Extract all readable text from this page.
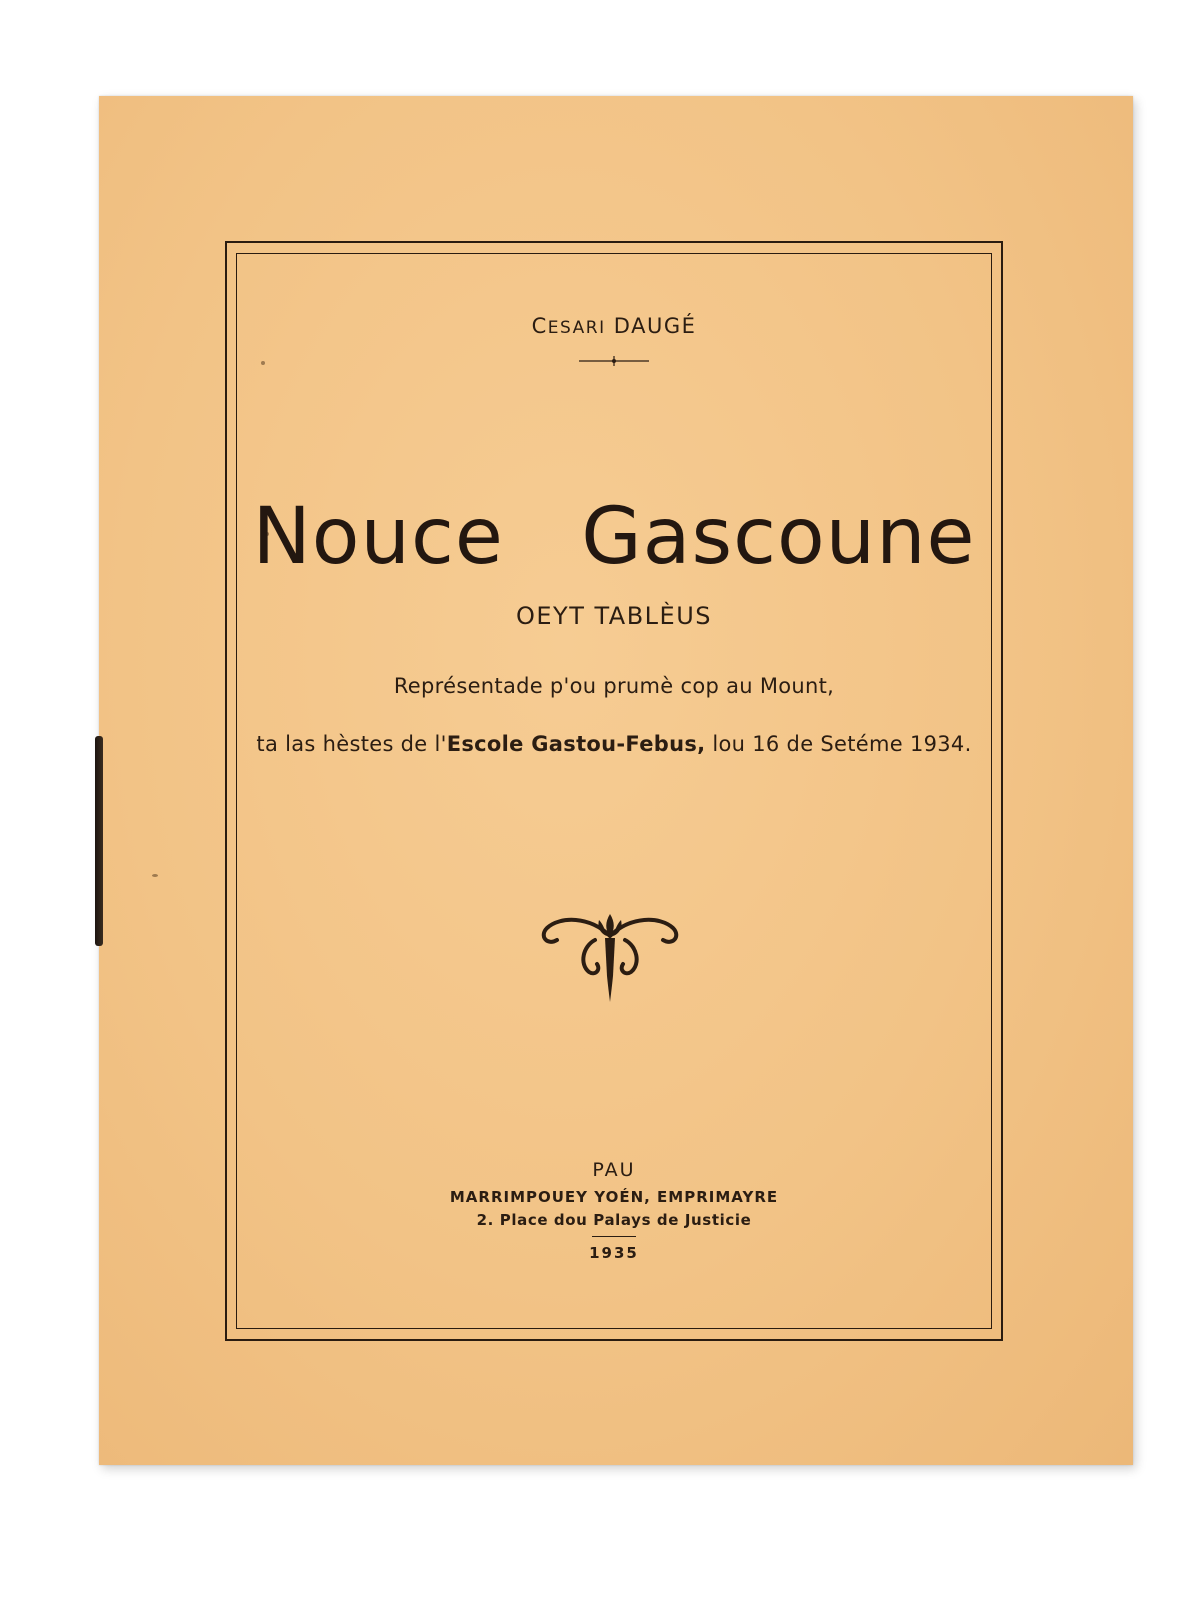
CESARI DAUGÉ
Nouce   Gascoune
OEYT TABLÈUS
Représentade p'ou prumè cop au Mount,
ta las hèstes de l'Escole Gastou-Febus, lou 16 de Setéme 1934.
PAU
MARRIMPOUEY YOÉN, EMPRIMAYRE
2. Place dou Palays de Justicie
1935
